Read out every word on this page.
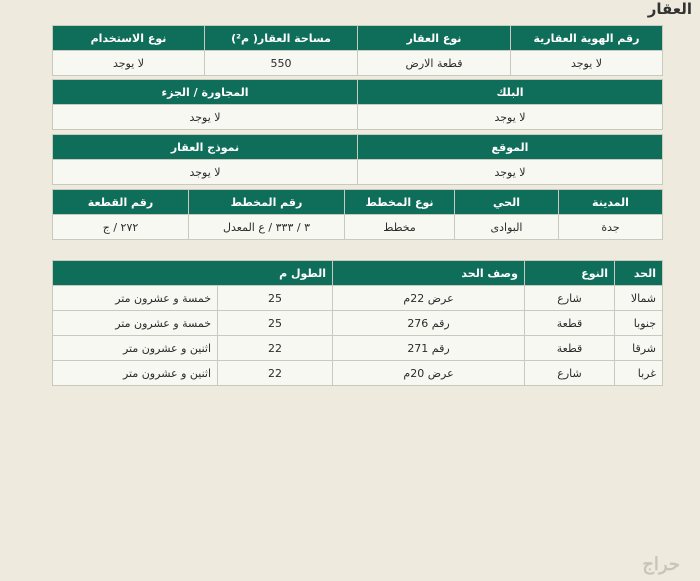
العقار
رقم الهوية العقارية	نوع العقار	مساحة العقار( م²)	نوع الاستخدام
لا يوجد	قطعة الارض	550	لا يوجد
البلك	المجاورة / الجزء
لا يوجد	لا يوجد
الموقع	نموذج العقار
لا يوجد	لا يوجد
المدينة	الحي	نوع المخطط	رقم المخطط	رقم القطعة
جدة	البوادى	مخطط	٣ / ٣٣٣ / ع المعدل	٢٧٢ / ج
الحد	النوع	وصف الحد	الطول م	
شمالا	شارع	عرض 22م	25	خمسة و عشرون متر
جنوبا	قطعة	رقم 276	25	خمسة و عشرون متر
شرقا	قطعة	رقم 271	22	اثنين و عشرون متر
غربا	شارع	عرض 20م	22	اثنين و عشرون متر
حراج
